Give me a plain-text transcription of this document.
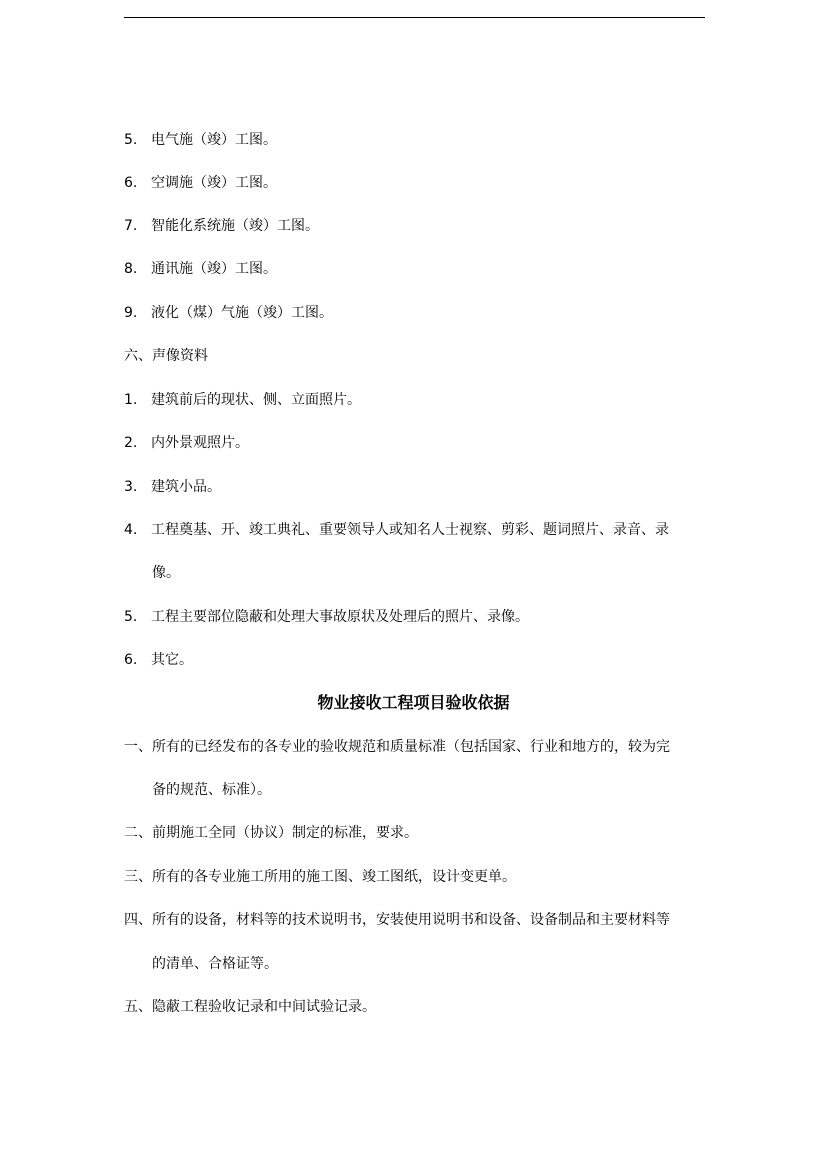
5. 电气施（竣）工图。
6. 空调施（竣）工图。
7. 智能化系统施（竣）工图。
8. 通讯施（竣）工图。
9. 液化（煤）气施（竣）工图。
六、声像资料
1. 建筑前后的现状、侧、立面照片。
2. 内外景观照片。
3. 建筑小品。
4. 工程奠基、开、竣工典礼、重要领导人或知名人士视察、剪彩、题词照片、录音、录
像。
5. 工程主要部位隐蔽和处理大事故原状及处理后的照片、录像。
6. 其它。
物业接收工程项目验收依据
一、所有的已经发布的各专业的验收规范和质量标准（包括国家、行业和地方的，较为完
备的规范、标准）。
二、前期施工全同（协议）制定的标准，要求。
三、所有的各专业施工所用的施工图、竣工图纸，设计变更单。
四、所有的设备，材料等的技术说明书，安装使用说明书和设备、设备制品和主要材料等
的清单、合格证等。
五、隐蔽工程验收记录和中间试验记录。
